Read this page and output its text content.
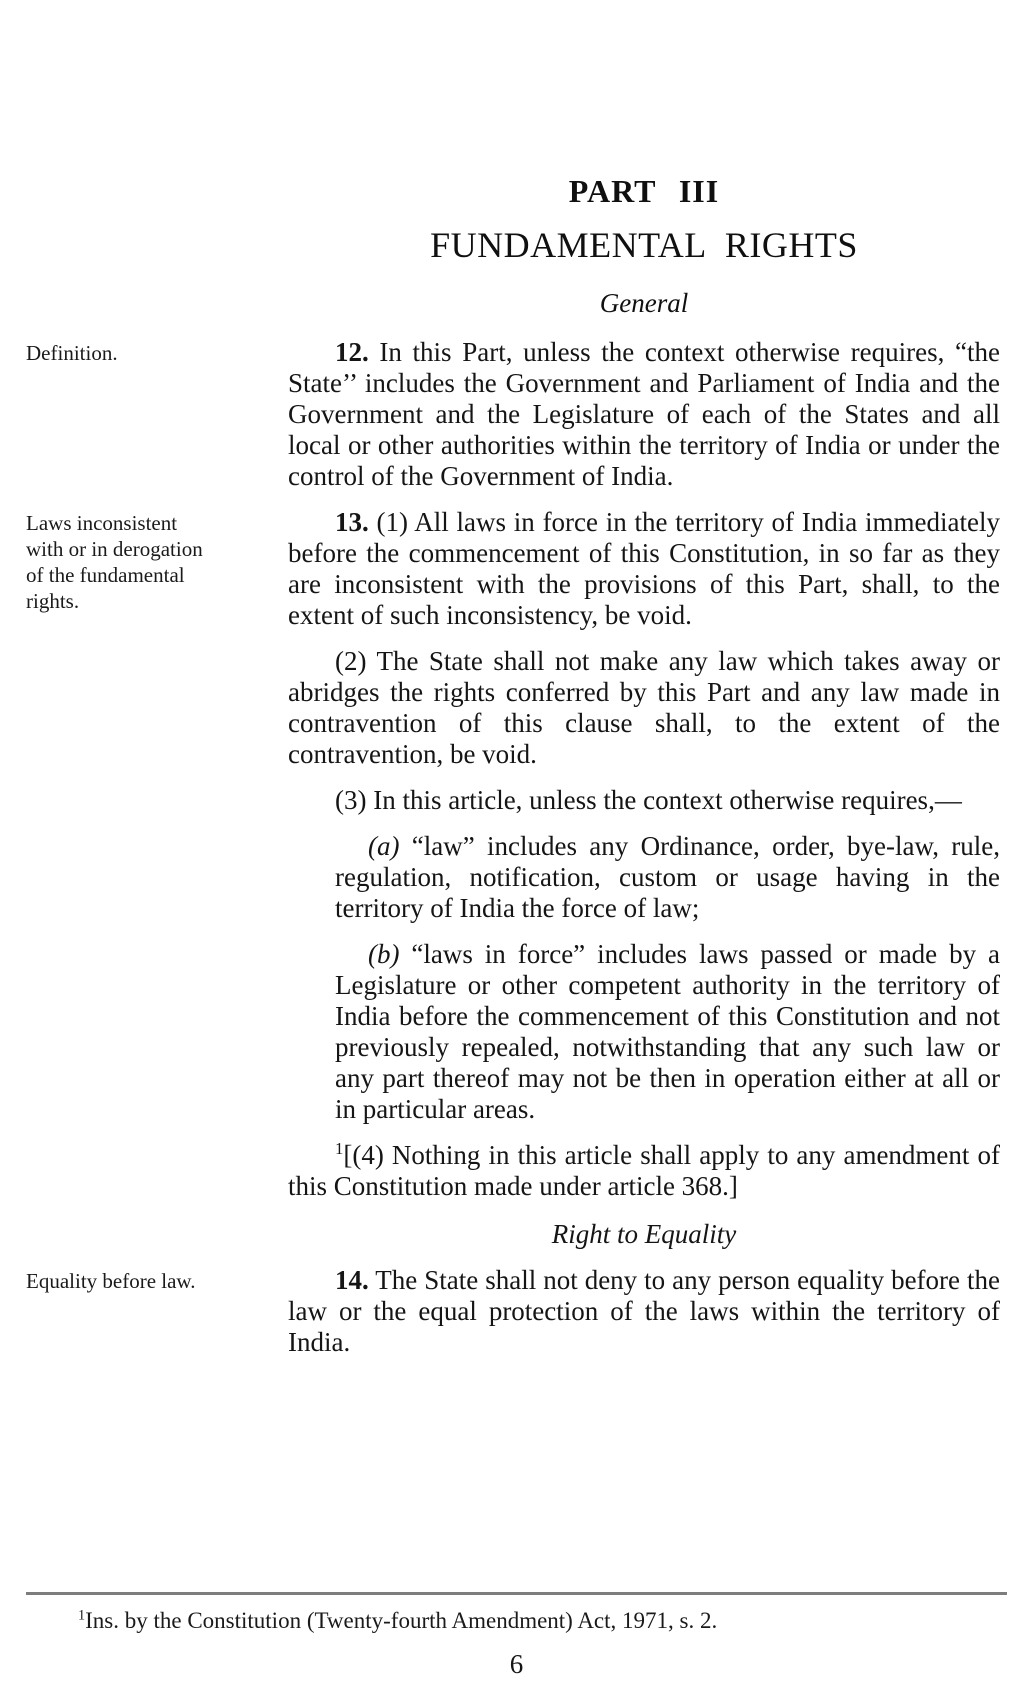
PART III
FUNDAMENTAL RIGHTS
General
Definition.	12. In this Part, unless the context otherwise requires, “the State’’ includes the Government and Parliament of India and the Government and the Legislature of each of the States and all local or other authorities within the territory of India or under the control of the Government of India.

Laws inconsistent with or in derogation of the fundamental rights.

13. (1) All laws in force in the territory of India immediately before the commencement of this Constitution, in so far as they are inconsistent with the provisions of this Part, shall, to the extent of such inconsistency, be void.

(2) The State shall not make any law which takes away or abridges the rights conferred by this Part and any law made in contravention of this clause shall, to the extent of the contravention, be void.

(3) In this article, unless the context otherwise requires,—

(a) “law” includes any Ordinance, order, bye-law, rule, regulation, notification, custom or usage having in the territory of India the force of law;

(b) “laws in force” includes laws passed or made by a Legislature or other competent authority in the territory of India before the commencement of this Constitution and not previously repealed, notwithstanding that any such law or any part thereof may not be then in operation either at all or in particular areas.

$^1$[(4) Nothing in this article shall apply to any amendment of this Constitution made under article 368.]

Right to Equality
Equality before law.	14. The State shall not deny to any person equality before the law or the equal protection of the laws within the territory of India.

$^1$Ins. by the Constitution (Twenty-fourth Amendment) Act, 1971, s. 2.

6
